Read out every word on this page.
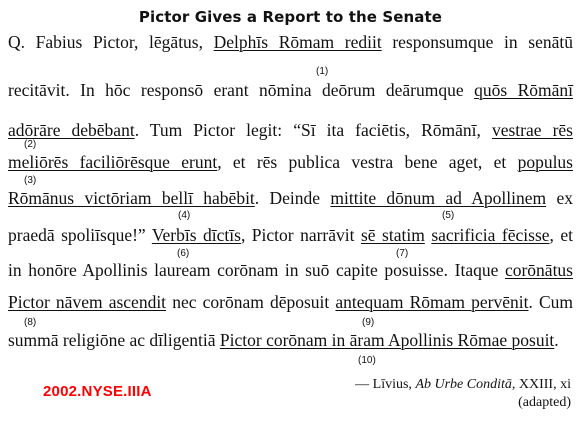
Pictor Gives a Report to the Senate
Q. Fabius Pictor, lēgātus, Delphīs Rōmam rediit responsumque in senātū
recitāvit. In hōc responsō erant nōmina deōrum deārumque quōs Rōmānī
adōrāre debēbant. Tum Pictor legit: “Sī ita faciētis, Rōmānī, vestrae rēs
meliōrēs faciliōrēsque erunt, et rēs publica vestra bene aget, et populus
Rōmānus victōriam bellī habēbit. Deinde mittite dōnum ad Apollinem ex
praedā spoliīsque!” Verbīs dīctīs, Pictor narrāvit sē statim sacrificia fēcisse, et
in honōre Apollinis lauream corōnam in suō capite posuisse. Itaque corōnātus
Pictor nāvem ascendit nec corōnam dēposuit antequam Rōmam pervēnit. Cum
summā religiōne ac dīligentiā Pictor corōnam in āram Apollinis Rōmae posuit.
(1)
(2)
(3)
(4)	(5)
(6)	(7)
(8)	(9)
(10)
2002.NYSE.IIIA	— Līvius, Ab Urbe Conditā, XXIII, xi
(adapted)
